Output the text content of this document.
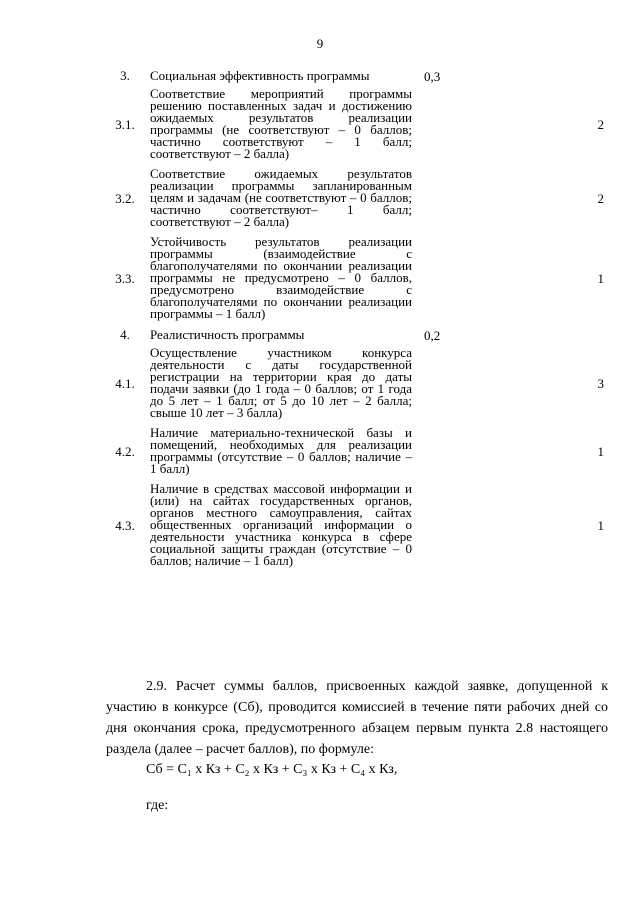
9
3.	Социальная эффективность программы	0,3	
3.1.	Соответствие мероприятий программы решению поставленных задач и достижению ожидаемых результатов реализации программы (не соответствуют – 0 баллов; частично соответствуют – 1 балл; соответствуют – 2 балла)		2
3.2.	Соответствие ожидаемых результатов реализации программы запланированным целям и задачам (не соответствуют – 0 баллов; частично соответствуют– 1 балл; соответствуют – 2 балла)		2
3.3.	Устойчивость результатов реализации программы (взаимодействие с благополучателями по окончании реализации программы не предусмотрено – 0 баллов, предусмотрено взаимодействие с благополучателями по окончании реализации программы – 1 балл)		1
4.	Реалистичность программы	0,2	
4.1.	Осуществление участником конкурса деятельности с даты государственной регистрации на территории края до даты подачи заявки (до 1 года – 0 баллов; от 1 года до 5 лет – 1 балл; от 5 до 10 лет – 2 балла; свыше 10 лет – 3 балла)		3
4.2.	Наличие материально-технической базы и помещений, необходимых для реализации программы (отсутствие – 0 баллов; наличие – 1 балл)		1
4.3.	Наличие в средствах массовой информации и (или) на сайтах государственных органов, органов местного самоуправления, сайтах общественных организаций информации о деятельности участника конкурса в сфере социальной защиты граждан (отсутствие – 0 баллов; наличие – 1 балл)		1
2.9. Расчет суммы баллов, присвоенных каждой заявке, допущенной к участию в конкурсе (Сб), проводится комиссией в течение пяти рабочих дней со дня окончания срока, предусмотренного абзацем первым пункта 2.8 настоящего раздела (далее – расчет баллов), по формуле:
Сб = С₁ х Кз + С₂ х Кз + С₃ х Кз + С₄ х Кз,
где:
